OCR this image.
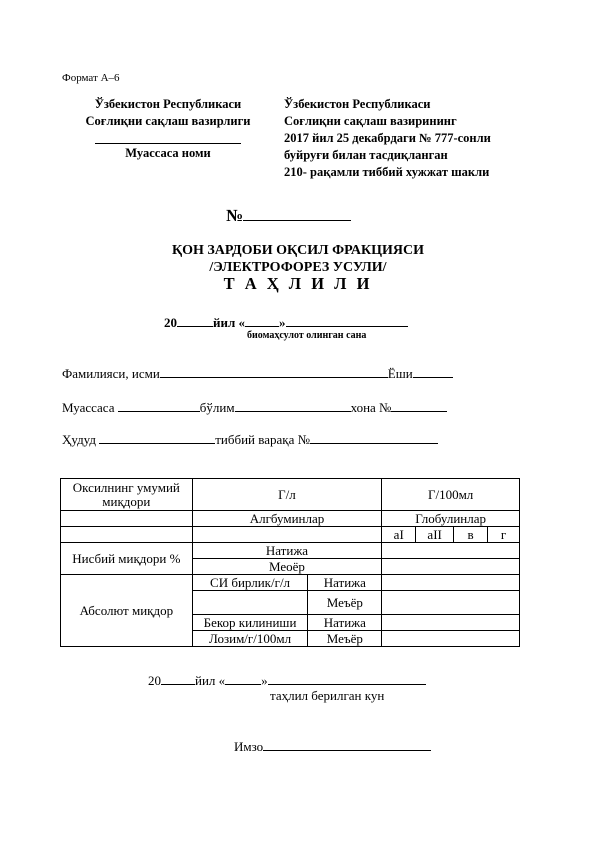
Формат А–6
Ўзбекистон Республикаси
Соғлиқни сақлаш вазирлиги
Муассаса номи
Ўзбекистон Республикаси
Соғлиқни сақлаш вазирининг
2017 йил 25 декабрдаги № 777-сонли
буйруғи билан тасдиқланган
210- рақамли тиббий хужжат шакли
№
ҚОН ЗАРДОБИ ОҚСИЛ ФРАКЦИЯСИ
/ЭЛЕКТРОФОРЕЗ УСУЛИ/
Т А Ҳ Л И Л И
20	йил «	»
биомаҳсулот олинган сана
Фамилияси, исми	Ёши
Муассаса	бўлим	хона №
Ҳудуд	тиббий варақа №
Оксилнинг умумий миқдори	Г/л		Г/100мл			
	Алгбуминлар		Глобулинлар			
			aI	aII	в	г
Нисбий миқдори %	Натижа					
	Меоёр					
Абсолют миқдор	СИ бирлик/г/л	Натижа				
		Меъёр				
	Бекор килиниши	Натижа				
	Лозим/г/100мл	Меъёр				
20	йил «	»
таҳлил берилган кун
Имзо
